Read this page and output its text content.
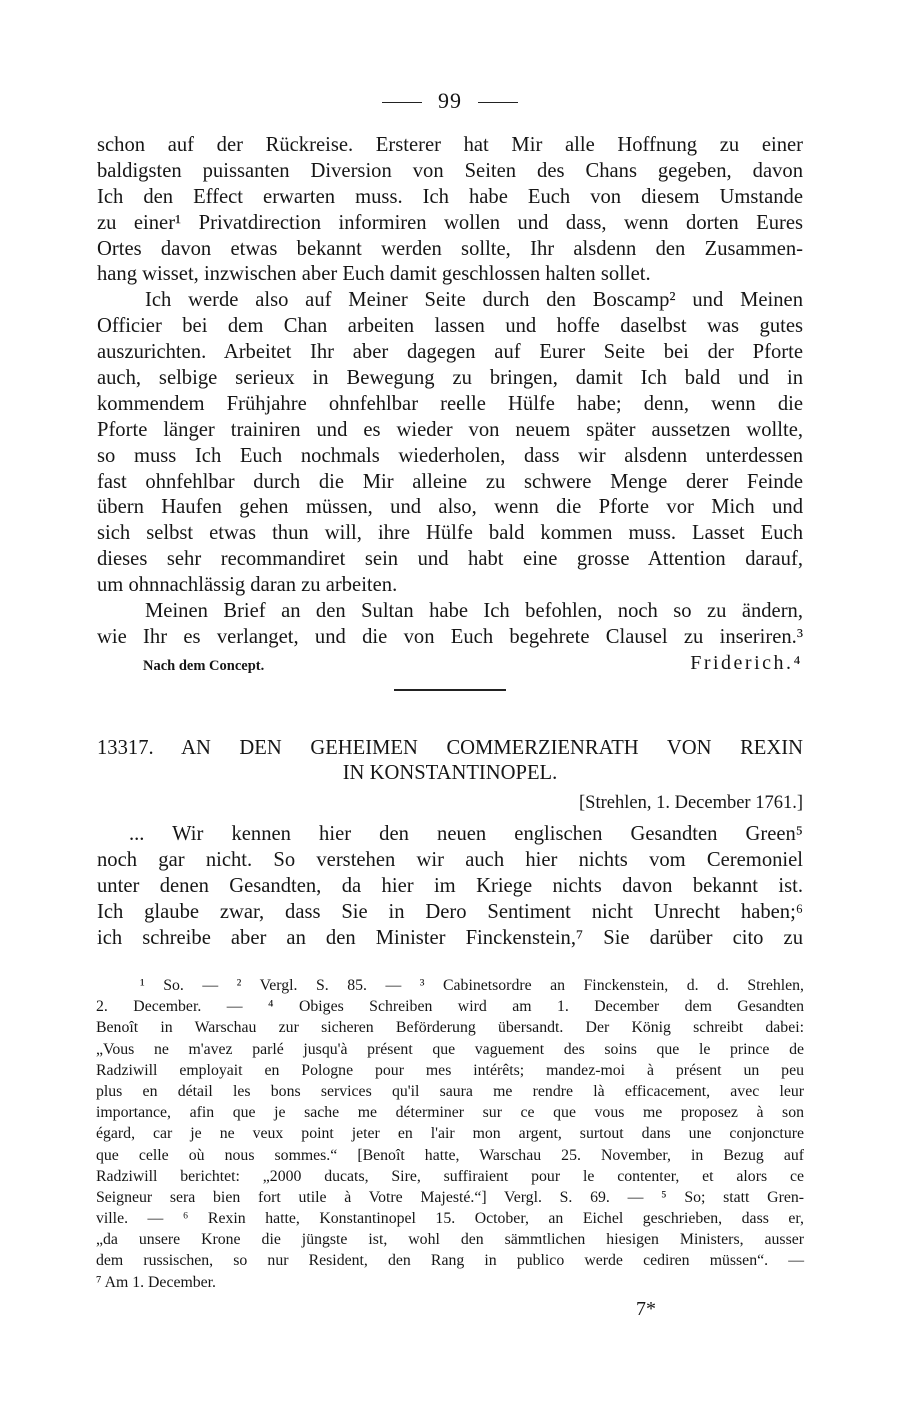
99
schon auf der Rückreise. Ersterer hat Mir alle Hoffnung zu einer
baldigsten puissanten Diversion von Seiten des Chans gegeben, davon
Ich den Effect erwarten muss. Ich habe Euch von diesem Umstande
zu einer¹ Privatdirection informiren wollen und dass, wenn dorten Eures
Ortes davon etwas bekannt werden sollte, Ihr alsdenn den Zusammen-
hang wisset, inzwischen aber Euch damit geschlossen halten sollet.
Ich werde also auf Meiner Seite durch den Boscamp² und Meinen
Officier bei dem Chan arbeiten lassen und hoffe daselbst was gutes
auszurichten. Arbeitet Ihr aber dagegen auf Eurer Seite bei der Pforte
auch, selbige serieux in Bewegung zu bringen, damit Ich bald und in
kommendem Frühjahre ohnfehlbar reelle Hülfe habe; denn, wenn die
Pforte länger trainiren und es wieder von neuem später aussetzen wollte,
so muss Ich Euch nochmals wiederholen, dass wir alsdenn unterdessen
fast ohnfehlbar durch die Mir alleine zu schwere Menge derer Feinde
übern Haufen gehen müssen, und also, wenn die Pforte vor Mich und
sich selbst etwas thun will, ihre Hülfe bald kommen muss. Lasset Euch
dieses sehr recommandiret sein und habt eine grosse Attention darauf,
um ohnnachlässig daran zu arbeiten.
Meinen Brief an den Sultan habe Ich befohlen, noch so zu ändern,
wie Ihr es verlanget, und die von Euch begehrete Clausel zu inseriren.³
Nach dem Concept.	Friderich.⁴
13317. AN DEN GEHEIMEN COMMERZIENRATH VON REXIN
IN KONSTANTINOPEL.
[Strehlen, 1. December 1761.]
... Wir kennen hier den neuen englischen Gesandten Green⁵
noch gar nicht. So verstehen wir auch hier nichts vom Ceremoniel
unter denen Gesandten, da hier im Kriege nichts davon bekannt ist.
Ich glaube zwar, dass Sie in Dero Sentiment nicht Unrecht haben;⁶
ich schreibe aber an den Minister Finckenstein,⁷ Sie darüber cito zu
¹ So. — ² Vergl. S. 85. — ³ Cabinetsordre an Finckenstein, d. d. Strehlen,
2. December. — ⁴ Obiges Schreiben wird am 1. December dem Gesandten
Benoît in Warschau zur sicheren Beförderung übersandt. Der König schreibt dabei:
„Vous ne m'avez parlé jusqu'à présent que vaguement des soins que le prince de
Radziwill employait en Pologne pour mes intérêts; mandez-moi à présent un peu
plus en détail les bons services qu'il saura me rendre là efficacement, avec leur
importance, afin que je sache me déterminer sur ce que vous me proposez à son
égard, car je ne veux point jeter en l'air mon argent, surtout dans une conjoncture
que celle où nous sommes.“ [Benoît hatte, Warschau 25. November, in Bezug auf
Radziwill berichtet: „2000 ducats, Sire, suffiraient pour le contenter, et alors ce
Seigneur sera bien fort utile à Votre Majesté.“] Vergl. S. 69. — ⁵ So; statt Gren-
ville. — ⁶ Rexin hatte, Konstantinopel 15. October, an Eichel geschrieben, dass er,
„da unsere Krone die jüngste ist, wohl den sämmtlichen hiesigen Ministers, ausser
dem russischen, so nur Resident, den Rang in publico werde cediren müssen“. —
⁷ Am 1. December.
7*
